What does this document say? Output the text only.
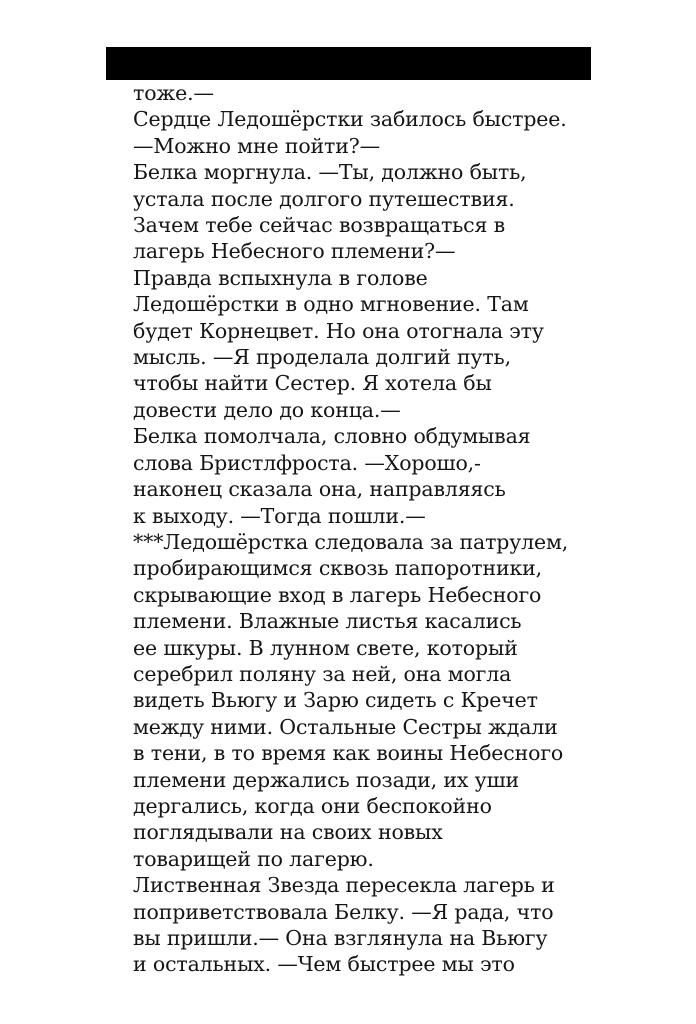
тоже.—
Сердце Ледошёрстки забилось быстрее.
—Можно мне пойти?—
Белка моргнула. —Ты, должно быть,
устала после долгого путешествия.
Зачем тебе сейчас возвращаться в
лагерь Небесного племени?—
Правда вспыхнула в голове
Ледошёрстки в одно мгновение. Там
будет Корнецвет. Но она отогнала эту
мысль. —Я проделала долгий путь,
чтобы найти Сестер. Я хотела бы
довести дело до конца.—
Белка помолчала, словно обдумывая
слова Бристлфроста. —Хорошо,-
наконец сказала она, направляясь
к выходу. —Тогда пошли.—
***Ледошёрстка следовала за патрулем,
пробирающимся сквозь папоротники,
скрывающие вход в лагерь Небесного
племени. Влажные листья касались
ее шкуры. В лунном свете, который
серебрил поляну за ней, она могла
видеть Вьюгу и Зарю сидеть с Кречет
между ними. Остальные Сестры ждали
в тени, в то время как воины Небесного
племени держались позади, их уши
дергались, когда они беспокойно
поглядывали на своих новых
товарищей по лагерю.
Лиственная Звезда пересекла лагерь и
поприветствовала Белку. —Я рада, что
вы пришли.— Она взглянула на Вьюгу
и остальных. —Чем быстрее мы это
